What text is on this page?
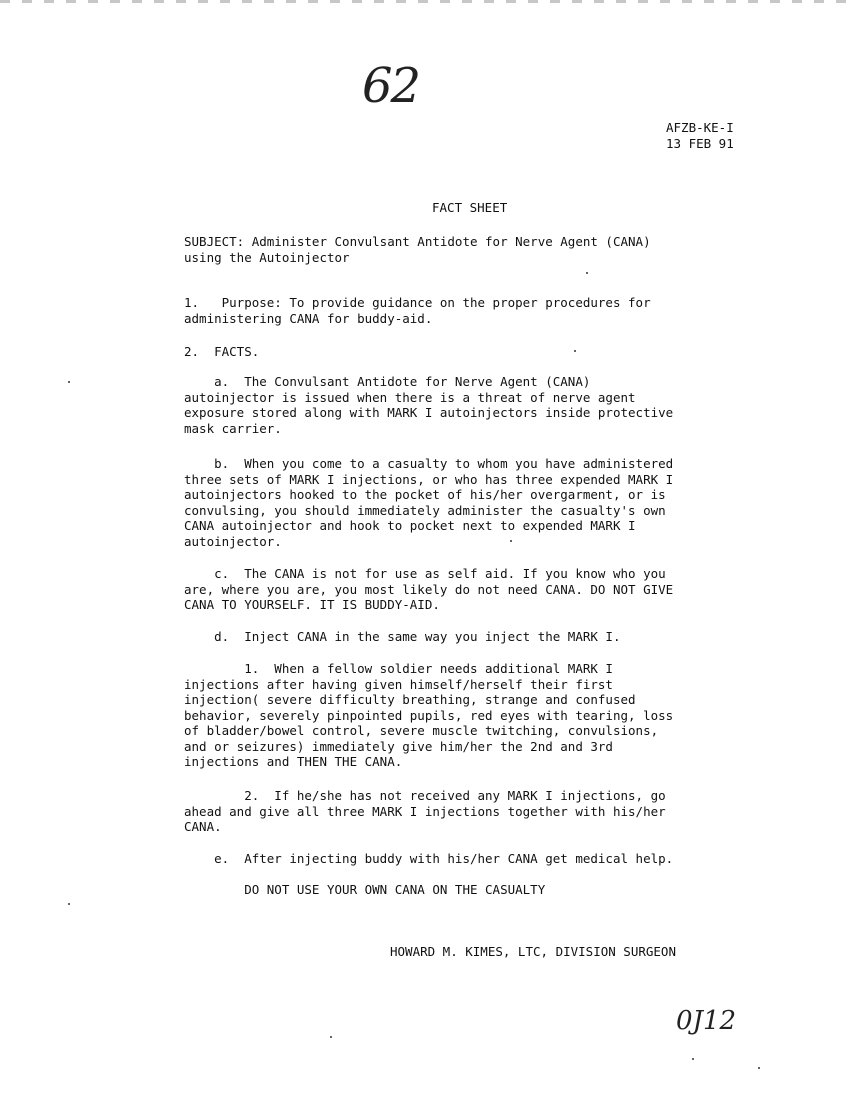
62
AFZB-KE-I
13 FEB 91
FACT SHEET
SUBJECT: Administer Convulsant Antidote for Nerve Agent (CANA)
using the Autoinjector
1.   Purpose: To provide guidance on the proper procedures for
administering CANA for buddy-aid.
2.  FACTS.
a.  The Convulsant Antidote for Nerve Agent (CANA)
autoinjector is issued when there is a threat of nerve agent
exposure stored along with MARK I autoinjectors inside protective
mask carrier.
b.  When you come to a casualty to whom you have administered
three sets of MARK I injections, or who has three expended MARK I
autoinjectors hooked to the pocket of his/her overgarment, or is
convulsing, you should immediately administer the casualty's own
CANA autoinjector and hook to pocket next to expended MARK I
autoinjector.
c.  The CANA is not for use as self aid. If you know who you
are, where you are, you most likely do not need CANA. DO NOT GIVE
CANA TO YOURSELF. IT IS BUDDY-AID.
d.  Inject CANA in the same way you inject the MARK I.
1.  When a fellow soldier needs additional MARK I
injections after having given himself/herself their first
injection( severe difficulty breathing, strange and confused
behavior, severely pinpointed pupils, red eyes with tearing, loss
of bladder/bowel control, severe muscle twitching, convulsions,
and or seizures) immediately give him/her the 2nd and 3rd
injections and THEN THE CANA.
2.  If he/she has not received any MARK I injections, go
ahead and give all three MARK I injections together with his/her
CANA.
e.  After injecting buddy with his/her CANA get medical help.
DO NOT USE YOUR OWN CANA ON THE CASUALTY
HOWARD M. KIMES, LTC, DIVISION SURGEON
0J12
